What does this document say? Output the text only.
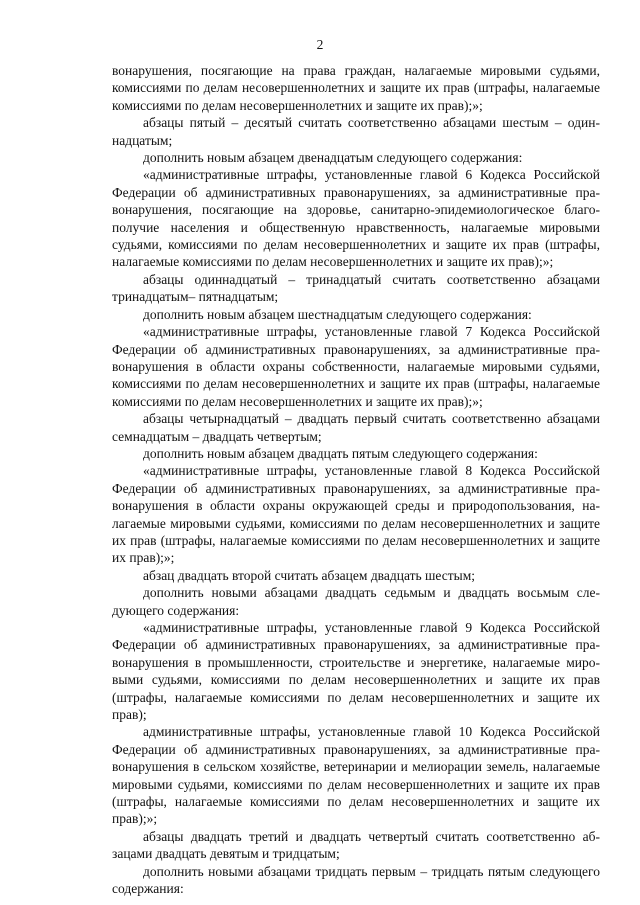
2

вонарушения, посягающие на права граждан, налагаемые мировыми судьями, комиссиями по делам несовершеннолетних и защите их прав (штрафы, налагаемые комиссиями по делам несовершеннолетних и защите их прав);»;

абзацы пятый – десятый считать соответственно абзацами шестым – одиннадцатым;

дополнить новым абзацем двенадцатым следующего содержания:

«административные штрафы, установленные главой 6 Кодекса Российской Федерации об административных правонарушениях, за административные правонарушения, посягающие на здоровье, санитарно-эпидемиологическое благополучие населения и общественную нравственность, налагаемые мировыми судьями, комиссиями по делам несовершеннолетних и защите их прав (штрафы, налагаемые комиссиями по делам несовершеннолетних и защите их прав);»;

абзацы одиннадцатый – тринадцатый считать соответственно абзацами тринадцатым– пятнадцатым;

дополнить новым абзацем шестнадцатым следующего содержания:

«административные штрафы, установленные главой 7 Кодекса Российской Федерации об административных правонарушениях, за административные правонарушения в области охраны собственности, налагаемые мировыми судьями, комиссиями по делам несовершеннолетних и защите их прав (штрафы, налагаемые комиссиями по делам несовершеннолетних и защите их прав);»;

абзацы четырнадцатый – двадцать первый считать соответственно абзацами семнадцатым – двадцать четвертым;

дополнить новым абзацем двадцать пятым следующего содержания:

«административные штрафы, установленные главой 8 Кодекса Российской Федерации об административных правонарушениях, за административные правонарушения в области охраны окружающей среды и природопользования, налагаемые мировыми судьями, комиссиями по делам несовершеннолетних и защите их прав (штрафы, налагаемые комиссиями по делам несовершеннолетних и защите их прав);»;

абзац двадцать второй считать абзацем двадцать шестым;

дополнить новыми абзацами двадцать седьмым и двадцать восьмым следующего содержания:

«административные штрафы, установленные главой 9 Кодекса Российской Федерации об административных правонарушениях, за административные правонарушения в промышленности, строительстве и энергетике, налагаемые мировыми судьями, комиссиями по делам несовершеннолетних и защите их прав (штрафы, налагаемые комиссиями по делам несовершеннолетних и защите их прав);

административные штрафы, установленные главой 10 Кодекса Российской Федерации об административных правонарушениях, за административные правонарушения в сельском хозяйстве, ветеринарии и мелиорации земель, налагаемые мировыми судьями, комиссиями по делам несовершеннолетних и защите их прав (штрафы, налагаемые комиссиями по делам несовершеннолетних и защите их прав);»;

абзацы двадцать третий и двадцать четвертый считать соответственно абзацами двадцать девятым и тридцатым;

дополнить новыми абзацами тридцать первым – тридцать пятым следующего содержания:
